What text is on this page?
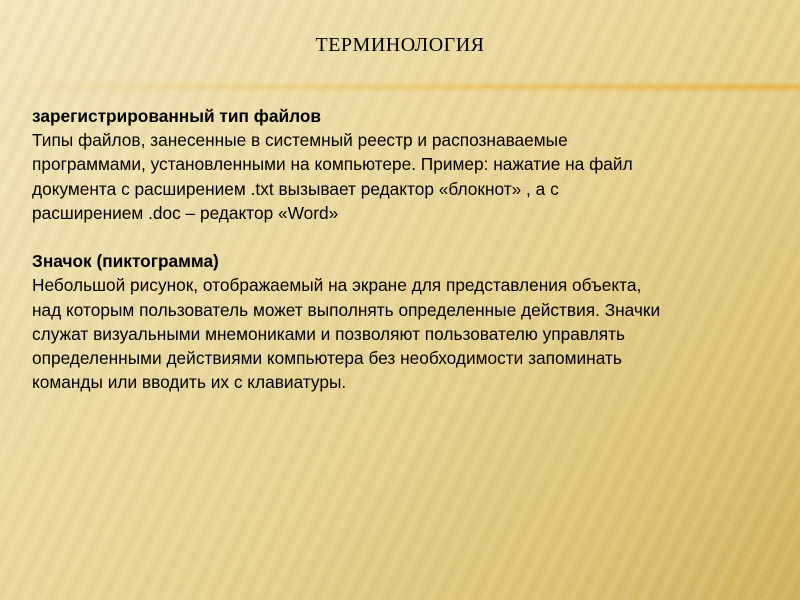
ТЕРМИНОЛОГИЯ

зарегистрированный тип файлов

Типы файлов, занесенные в системный реестр и распознаваемые
программами, установленными на компьютере. Пример: нажатие на файл
документа с расширением .txt вызывает редактор «блокнот» , а с
расширением .doc – редактор «Word»

Значок (пиктограмма)

Небольшой рисунок, отображаемый на экране для представления объекта,
над которым пользователь может выполнять определенные действия. Значки
служат визуальными мнемониками и позволяют пользователю управлять
определенными действиями компьютера без необходимости запоминать
команды или вводить их с клавиатуры.
